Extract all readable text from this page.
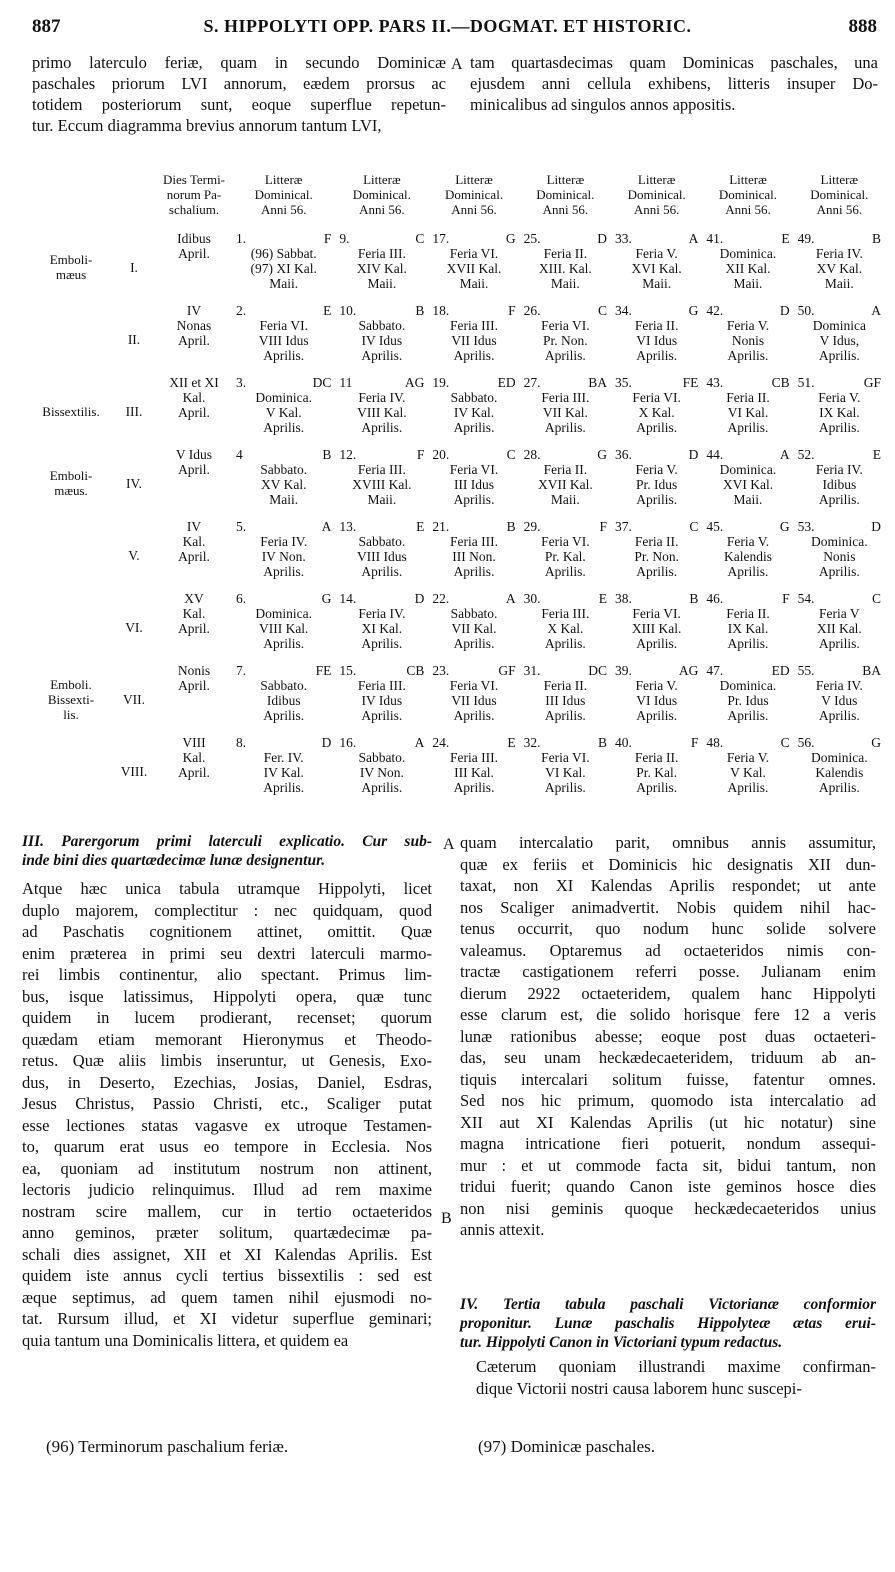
887	S. HIPPOLYTI OPP. PARS II.—DOGMAT. ET HISTORIC.	888
primo laterculo feriæ, quam in secundo Dominicæ
paschales priorum LVI annorum, eædem prorsus ac
totidem posteriorum sunt, eoque superflue repetun-
tur. Eccum diagramma brevius annorum tantum LVI,
A tam quartasdecimas quam Dominicas paschales, una
ejusdem anni cellula exhibens, litteris insuper Do-
minicalibus ad singulos annos appositis.

		Dies Termi-
norum Pa-
schalium.	Litteræ
Dominical.
Anni 56.	Litteræ
Dominical.
Anni 56.	Litteræ
Dominical.
Anni 56.	Litteræ
Dominical.
Anni 56.	Litteræ
Dominical.
Anni 56.	Litteræ
Dominical.
Anni 56.	Litteræ
Dominical.
Anni 56.

Emboli-
mæus	I.	Idibus
April.	1. F
(96) Sabbat.
(97) XI Kal.
Maii.	9. C
Feria III.
XIV Kal.
Maii.	17. G
Feria VI.
XVII Kal.
Maii.	25. D
Feria II.
XIII. Kal.
Maii.	33. A
Feria V.
XVI Kal.
Maii.	41. E
Dominica.
XII Kal.
Maii.	49. B
Feria IV.
XV Kal.
Maii.

	II.	IV
Nonas
April.	2. E
Feria VI.
VIII Idus
Aprilis.	10. B
Sabbato.
IV Idus
Aprilis.	18. F
Feria III.
VII Idus
Aprilis.	26. C
Feria VI.
Pr. Non.
Aprilis.	34. G
Feria II.
VI Idus
Aprilis.	42. D
Feria V.
Nonis
Aprilis.	50. A
Dominica
V Idus,
Aprilis.

Bissextilis.	III.	XII et XI
Kal.
April.	3. DC
Dominica.
V Kal.
Aprilis.	11 AG
Feria IV.
VIII Kal.
Aprilis.	19. ED
Sabbato.
IV Kal.
Aprilis.	27. BA
Feria III.
VII Kal.
Aprilis.	35. FE
Feria VI.
X Kal.
Aprilis.	43. CB
Feria II.
VI Kal.
Aprilis.	51. GF
Feria V.
IX Kal.
Aprilis.

Emboli-
mæus.	IV.	V Idus
April.	4 B
Sabbato.
XV Kal.
Maii.	12. F
Feria III.
XVIII Kal.
Maii.	20. C
Feria VI.
III Idus
Aprilis.	28. G
Feria II.
XVII Kal.
Maii.	36. D
Feria V.
Pr. Idus
Aprilis.	44. A
Dominica.
XVI Kal.
Maii.	52. E
Feria IV.
Idibus
Aprilis.

	V.	IV
Kal.
April.	5. A
Feria IV.
IV Non.
Aprilis.	13. E
Sabbato.
VIII Idus
Aprilis.	21. B
Feria III.
III Non.
Aprilis.	29. F
Feria VI.
Pr. Kal.
Aprilis.	37. C
Feria II.
Pr. Non.
Aprilis.	45. G
Feria V.
Kalendis
Aprilis.	53. D
Dominica.
Nonis
Aprilis.

	VI.	XV
Kal.
April.	6. G
Dominica.
VIII Kal.
Aprilis.	14. D
Feria IV.
XI Kal.
Aprilis.	22. A
Sabbato.
VII Kal.
Aprilis.	30. E
Feria III.
X Kal.
Aprilis.	38. B
Feria VI.
XIII Kal.
Aprilis.	46. F
Feria II.
IX Kal.
Aprilis.	54. C
Feria V
XII Kal.
Aprilis.

Emboli.
Bissexti-
lis.	VII.	Nonis
April.	7. FE
Sabbato.
Idibus
Aprilis.	15. CB
Feria III.
IV Idus
Aprilis.	23. GF
Feria VI.
VII Idus
Aprilis.	31. DC
Feria II.
III Idus
Aprilis.	39. AG
Feria V.
VI Idus
Aprilis.	47. ED
Dominica.
Pr. Idus
Aprilis.	55. BA
Feria IV.
V Idus
Aprilis.

	VIII.	VIII
Kal.
April.	8. D
Fer. IV.
IV Kal.
Aprilis.	16. A
Sabbato.
IV Non.
Aprilis.	24. E
Feria III.
III Kal.
Aprilis.	32. B
Feria VI.
VI Kal.
Aprilis.	40. F
Feria II.
Pr. Kal.
Aprilis.	48. C
Feria V.
V Kal.
Aprilis.	56. G
Dominica.
Kalendis
Aprilis.
III. Parergorum primi laterculi explicatio. Cur sub-
inde bini dies quartædecimæ lunæ designentur.
Atque hæc unica tabula utramque Hippolyti, licet
duplo majorem, complectitur : nec quidquam, quod
ad Paschatis cognitionem attinet, omittit. Quæ
enim præterea in primi seu dextri laterculi marmo-
rei limbis continentur, alio spectant. Primus lim-
bus, isque latissimus, Hippolyti opera, quæ tunc
quidem in lucem prodierant, recenset; quorum
quædam etiam memorant Hieronymus et Theodo-
retus. Quæ aliis limbis inseruntur, ut Genesis, Exo-
dus, in Deserto, Ezechias, Josias, Daniel, Esdras,
Jesus Christus, Passio Christi, etc., Scaliger putat
esse lectiones statas vagasve ex utroque Testamen-
to, quarum erat usus eo tempore in Ecclesia. Nos
ea, quoniam ad institutum nostrum non attinent,
lectoris judicio relinquimus. Illud ad rem maxime
nostram scire mallem, cur in tertio octaeteridos
anno geminos, præter solitum, quartædecimæ pa-
schali dies assignet, XII et XI Kalendas Aprilis. Est
quidem iste annus cycli tertius bissextilis : sed est
æque septimus, ad quem tamen nihil ejusmodi no-
tat. Rursum illud, et XI videtur superflue geminari;
quia tantum una Dominicalis littera, et quidem ea
A
B
quam intercalatio parit, omnibus annis assumitur,
quæ ex feriis et Dominicis hic designatis XII dun-
taxat, non XI Kalendas Aprilis respondet; ut ante
nos Scaliger animadvertit. Nobis quidem nihil hac-
tenus occurrit, quo nodum hunc solide solvere
valeamus. Optaremus ad octaeteridos nimis con-
tractæ castigationem referri posse. Julianam enim
dierum 2922 octaeteridem, qualem hanc Hippolyti
esse clarum est, die solido horisque fere 12 a veris
lunæ rationibus abesse; eoque post duas octaeteri-
das, seu unam heckædecaeteridem, triduum ab an-
tiquis intercalari solitum fuisse, fatentur omnes.
Sed nos hic primum, quomodo ista intercalatio ad
XII aut XI Kalendas Aprilis (ut hic notatur) sine
magna intricatione fieri potuerit, nondum assequi-
mur : et ut commode facta sit, bidui tantum, non
tridui fuerit; quando Canon iste geminos hosce dies
non nisi geminis quoque heckædecaeteridos unius
annis attexit.
IV. Tertia tabula paschali Victorianæ conformior
proponitur. Lunæ paschalis Hippolyteæ ætas erui-
tur. Hippolyti Canon in Victoriani typum redactus.
Cæterum quoniam illustrandi maxime confirman-
dique Victorii nostri causa laborem hunc suscepi-
(96) Terminorum paschalium feriæ.	(97) Dominicæ paschales.
